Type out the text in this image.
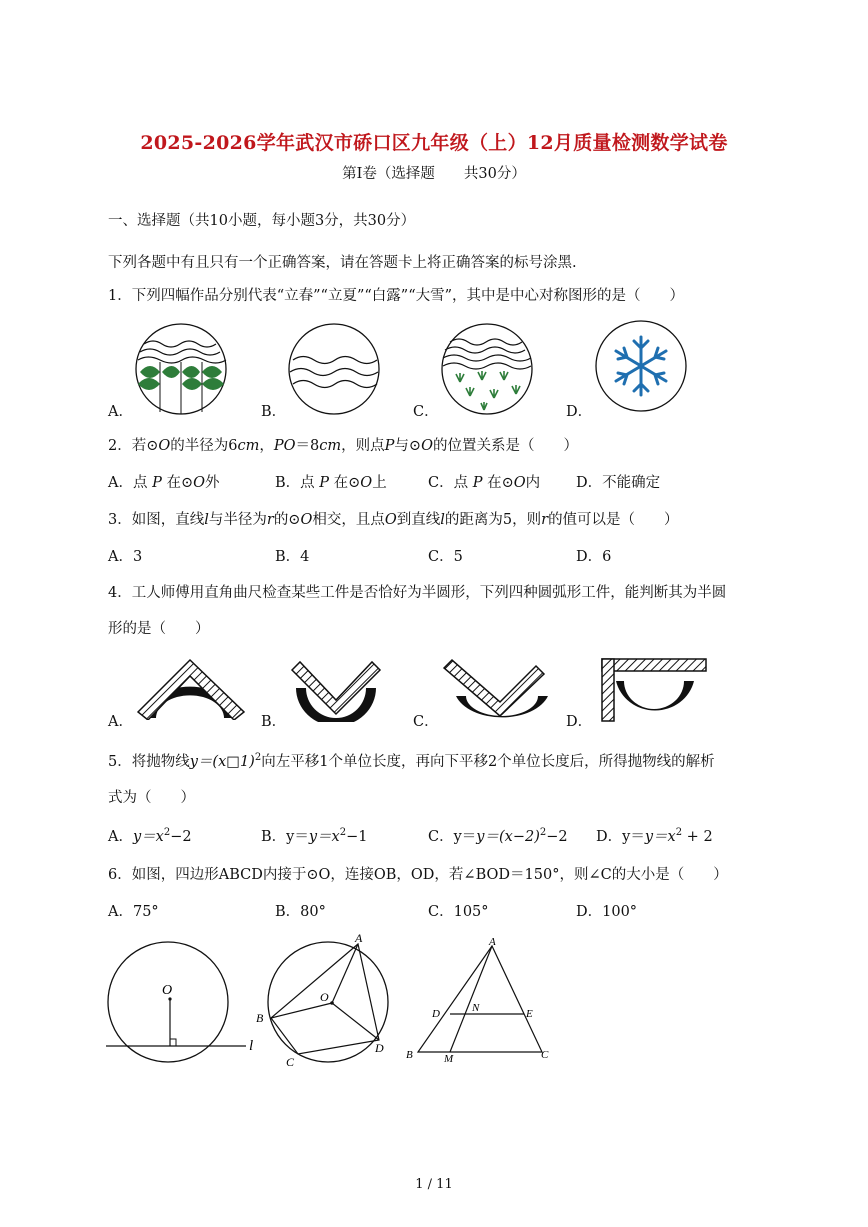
2025-2026学年武汉市硚口区九年级（上）12月质量检测数学试卷
第Ⅰ卷（选择题　　共30分）
一、选择题（共10小题，每小题3分，共30分）
下列各题中有且只有一个正确答案，请在答题卡上将正确答案的标号涂黑.
1．下列四幅作品分别代表“立春”“立夏”“白露”“大雪”，其中是中心对称图形的是（　　）
A．	B．	C．	D．
2．若⊙O的半径为6cm，PO＝8cm，则点P与⊙O的位置关系是（　　）
A．点 P 在⊙O外	B．点 P 在⊙O上	C．点 P 在⊙O内 D．不能确定
3．如图，直线l与半径为r的⊙O相交，且点O到直线l的距离为5，则r的值可以是（　　）
A．3	B．4	C．5	D．6
4．工人师傅用直角曲尺检查某些工件是否恰好为半圆形，下列四种圆弧形工件，能判断其为半圆
形的是（　　）
A．	B．	C．	D．
5．将抛物线y＝(x□1)$^2$向左平移1个单位长度，再向下平移2个单位长度后，所得抛物线的解析
式为（　　）
A．$y=x^2-2$	B．$y=y=x^2-1$	C．$y=y=(x-2)^2-2$ D．$y=y=x^2 + 2$
6．如图，四边形ABCD内接于⊙O，连接OB，OD，若∠BOD＝150°，则∠C的大小是（　　）
A．75°	B．80°	C．105°	D．100°
O
l
A
B
O
C
D
A
D	N	E
B	M	C
1 / 11
